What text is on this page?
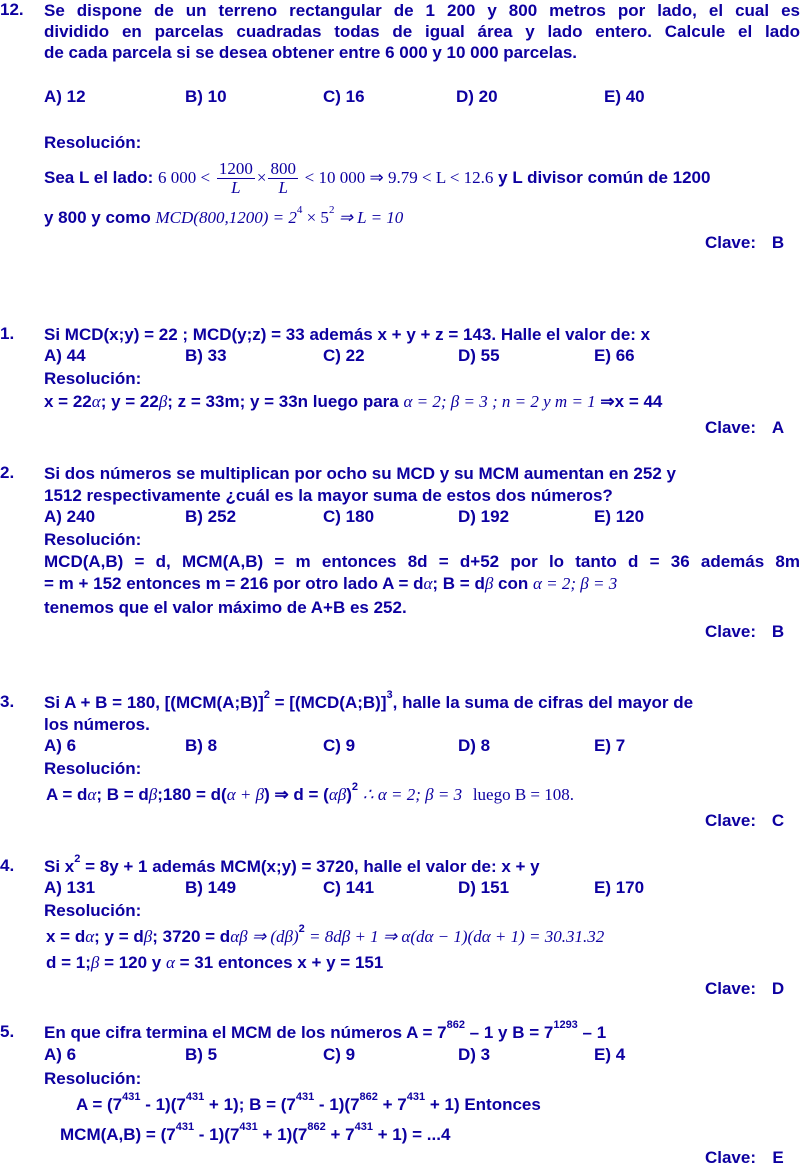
12. Se dispone de un terreno rectangular de 1 200 y 800 metros por lado, el cual es
dividido en parcelas cuadradas todas de igual área y lado entero. Calcule el lado
de cada parcela si se desea obtener entre 6 000 y 10 000 parcelas.
A) 12	B) 10	C) 16	D) 20	E) 40
Resolución:
Sea L el lado: 6 $000 < \frac{1200}{L} \times \frac{800}{L} < 10$ 000 ⇒ 9.79 < L < 12.6 y L divisor común de 1200
y 800 y como $MCD(800,1200) = 2^4 \times 5^2$ ⇒ L = 10
Clave: B
1. Si MCD(x;y) = 22 ; MCD(y;z) = 33 además x + y + z = 143. Halle el valor de: x
A) 44	B) 33	C) 22	D) 55	E) 66
Resolución:
x = 22α; y = 22β; z = 33m; y = 33n luego para α = 2; β = 3 ; n = 2 y m = 1 ⇒x = 44
Clave: A
2. Si dos números se multiplican por ocho su MCD y su MCM aumentan en 252 y
1512 respectivamente ¿cuál es la mayor suma de estos dos números?
A) 240	B) 252	C) 180	D) 192	E) 120
Resolución:
MCD(A,B) = d, MCM(A,B) = m entonces 8d = d+52 por lo tanto d = 36 además 8m
= m + 152 entonces m = 216 por otro lado A = dα; B = dβ con α = 2; β = 3
tenemos que el valor máximo de A+B es 252.
Clave: B
3. Si A + B = 180, [(MCM(A;B)]$^2$ = [(MCD(A;B)]$^3$, halle la suma de cifras del mayor de
los números.
A) 6	B) 8	C) 9	D) 8	E) 7
Resolución:
A = dα; B = dβ;180 = d(α + β) ⇒ $d = (\alpha\beta)^2$ ∴ α = 2; β = 3 luego B = 108.
Clave: C
4. Si $x^2 = 8y + 1$ además MCM(x;y) = 3720, halle el valor de: x + y
A) 131	B) 149	C) 141	D) 151	E) 170
Resolución:
x = dα; y = dβ; 3720 = dαβ ⇒ $(d\beta)^2 = 8d\beta + 1$ ⇒ α(dα − 1)(dα + 1) = 30.31.32
d = 1;β = 120 y α = 31 entonces x + y = 151
Clave: D
5. En que cifra termina el MCM de los números $A = 7^{862} - 1$ y $B = 7^{1293} - 1$
A) 6	B) 5	C) 9	D) 3	E) 4
Resolución:
$A = (7^{431} - 1)(7^{431} + 1)$; $B = (7^{431} - 1)(7^{862} + 7^{431} + 1)$ Entonces
$MCM(A,B) = (7^{431} - 1)(7^{431} + 1)(7^{862} + 7^{431} + 1) = ...4$
Clave: E
